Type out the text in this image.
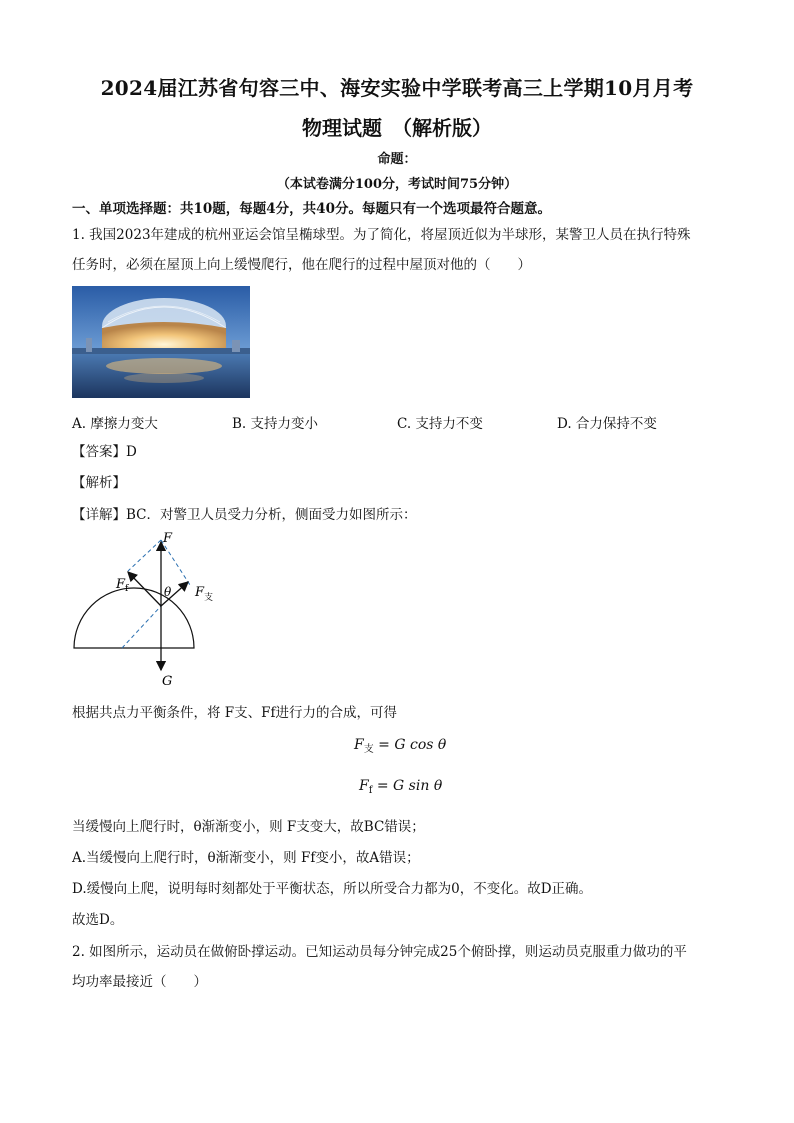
2024届江苏省句容三中、海安实验中学联考高三上学期10月月考
物理试题　（解析版）
命题：
（本试卷满分100分，考试时间75分钟）
一、单项选择题：共10题，每题4分，共40分。每题只有一个选项最符合题意。
1. 我国2023年建成的杭州亚运会馆呈椭球型。为了简化，将屋顶近似为半球形，某警卫人员在执行特殊
任务时，必须在屋顶上向上缓慢爬行，他在爬行的过程中屋顶对他的（　　）
A. 摩擦力变大	B. 支持力变小	C. 支持力不变	D. 合力保持不变
【答案】D
【解析】
【详解】BC．对警卫人员受力分析，侧面受力如图所示：
F
F f	θ F 支
G
根据共点力平衡条件，将 F支、Ff进行力的合成，可得
$F_支 = G$ cos θ
$F_f = G$ sin θ
当缓慢向上爬行时，θ渐渐变小，则 F支变大，故BC错误；
A.当缓慢向上爬行时，θ渐渐变小，则 Ff变小，故A错误；
D.缓慢向上爬，说明每时刻都处于平衡状态，所以所受合力都为0，不变化。故D正确。
故选D。
2. 如图所示，运动员在做俯卧撑运动。已知运动员每分钟完成25个俯卧撑，则运动员克服重力做功的平
均功率最接近（　　）
